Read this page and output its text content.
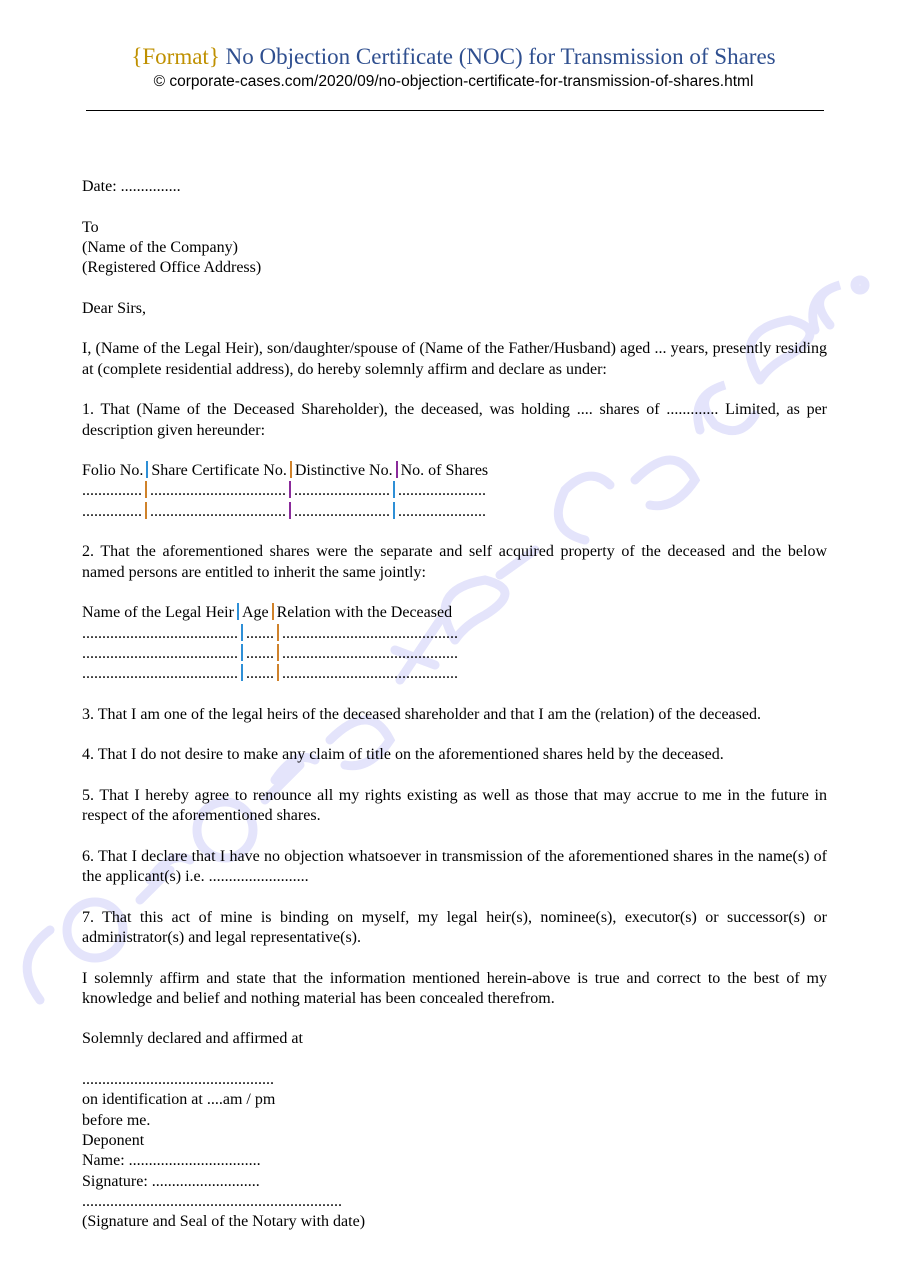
{Format} No Objection Certificate (NOC) for Transmission of Shares
© corporate-cases.com/2020/09/no-objection-certificate-for-transmission-of-shares.html

Date: ...............

To

(Name of the Company)

(Registered Office Address)

Dear Sirs,

I, (Name of the Legal Heir), son/daughter/spouse of (Name of the Father/Husband) aged ... years, presently residing at (complete residential address), do hereby solemnly affirm and declare as under:

1. That (Name of the Deceased Shareholder), the deceased, was holding .... shares of ............. Limited, as per description given hereunder:

Folio No. Share Certificate No. Distinctive No. No. of Shares

............... .................................. ........................ ......................

............... .................................. ........................ ......................

2. That the aforementioned shares were the separate and self acquired property of the deceased and the below named persons are entitled to inherit the same jointly:

Name of the Legal Heir Age Relation with the Deceased

....................................... ....... ............................................

....................................... ....... ............................................

....................................... ....... ............................................

3. That I am one of the legal heirs of the deceased shareholder and that I am the (relation) of the deceased.

4. That I do not desire to make any claim of title on the aforementioned shares held by the deceased.

5. That I hereby agree to renounce all my rights existing as well as those that may accrue to me in the future in respect of the aforementioned shares.

6. That I declare that I have no objection whatsoever in transmission of the aforementioned shares in the name(s) of the applicant(s) i.e. .........................

7. That this act of mine is binding on myself, my legal heir(s), nominee(s), executor(s) or successor(s) or administrator(s) and legal representative(s).

I solemnly affirm and state that the information mentioned herein-above is true and correct to the best of my knowledge and belief and nothing material has been concealed therefrom.

Solemnly declared and affirmed at

................................................

on identification at ....am / pm

before me.

Deponent

Name: .................................

Signature: ...........................

.................................................................

(Signature and Seal of the Notary with date)
